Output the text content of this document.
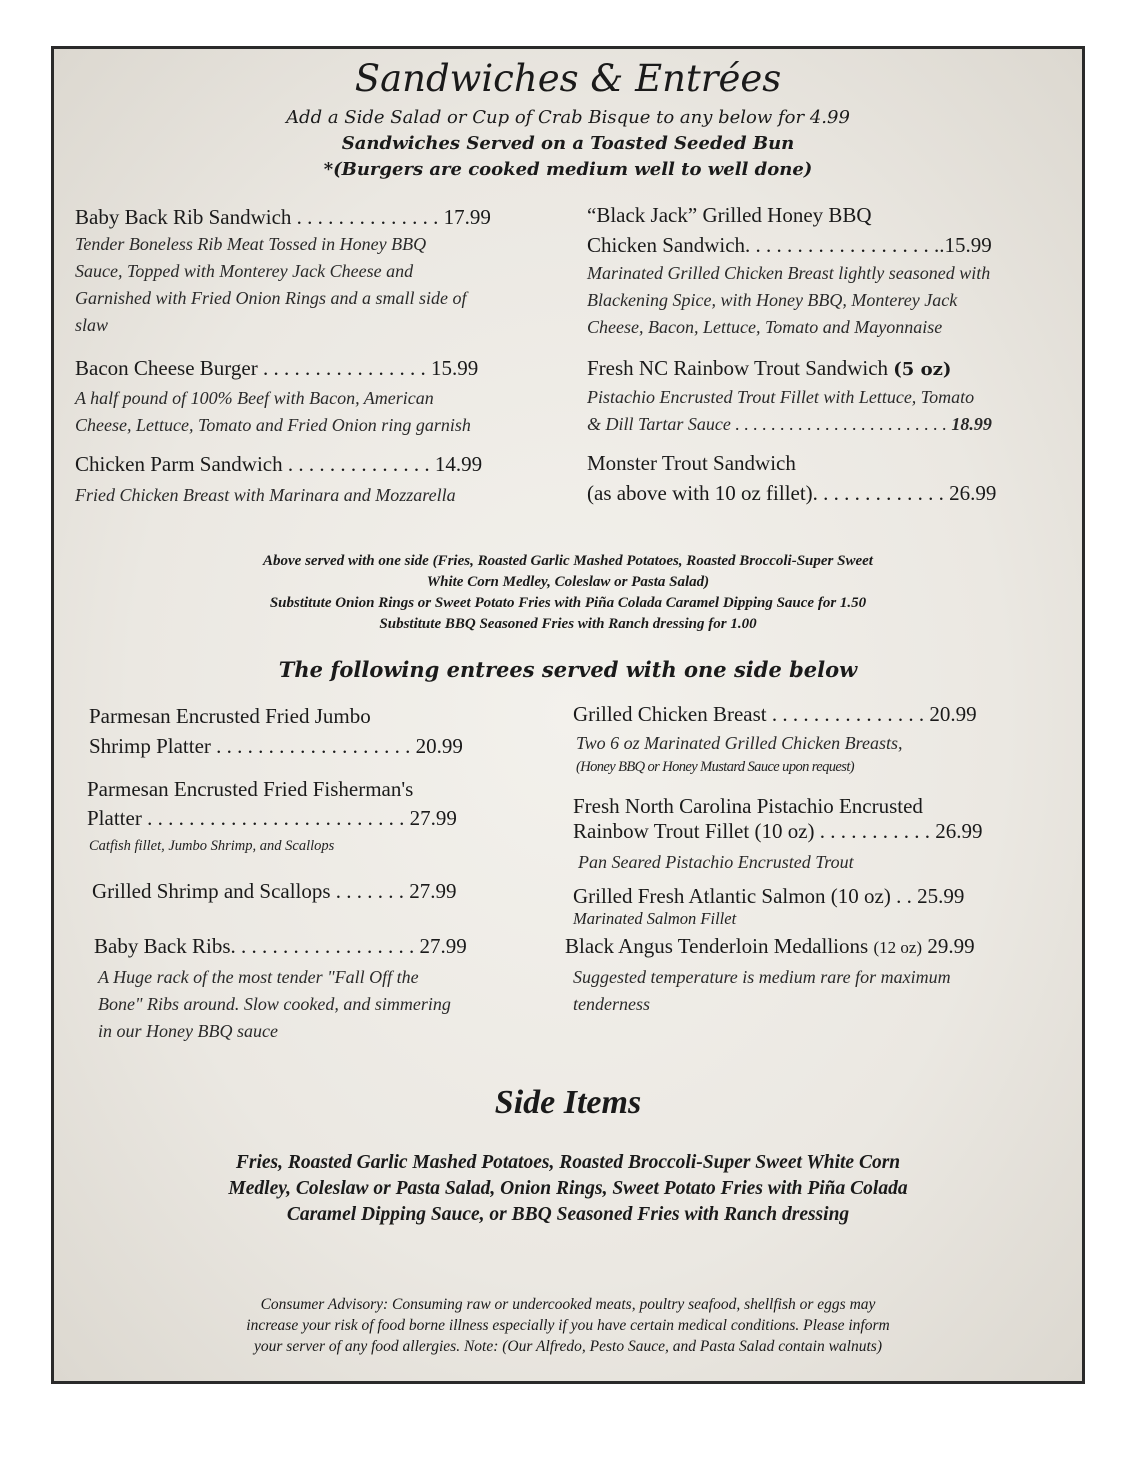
Sandwiches & Entrées
Add a Side Salad or Cup of Crab Bisque to any below for 4.99
Sandwiches Served on a Toasted Seeded Bun
*(Burgers are cooked medium well to well done)
Baby Back Rib Sandwich . . . . . . . . . . . . . . 17.99
Tender Boneless Rib Meat Tossed in Honey BBQ
Sauce, Topped with Monterey Jack Cheese and
Garnished with Fried Onion Rings and a small side of
slaw
Bacon Cheese Burger . . . . . . . . . . . . . . . . 15.99
A half pound of 100% Beef with Bacon, American
Cheese, Lettuce, Tomato and Fried Onion ring garnish
Chicken Parm Sandwich . . . . . . . . . . . . . . 14.99
Fried Chicken Breast with Marinara and Mozzarella
“Black Jack” Grilled Honey BBQ
Chicken Sandwich. . . . . . . . . . . . . . . . . . ..15.99
Marinated Grilled Chicken Breast lightly seasoned with
Blackening Spice, with Honey BBQ, Monterey Jack
Cheese, Bacon, Lettuce, Tomato and Mayonnaise
Fresh NC Rainbow Trout Sandwich (5 oz)
Pistachio Encrusted Trout Fillet with Lettuce, Tomato
& Dill Tartar Sauce . . . . . . . . . . . . . . . . . . . . . . . . 18.99
Monster Trout Sandwich
(as above with 10 oz fillet). . . . . . . . . . . . . 26.99
Above served with one side (Fries, Roasted Garlic Mashed Potatoes, Roasted Broccoli-Super Sweet
White Corn Medley, Coleslaw or Pasta Salad)
Substitute Onion Rings or Sweet Potato Fries with Piña Colada Caramel Dipping Sauce for 1.50
Substitute BBQ Seasoned Fries with Ranch dressing for 1.00
The following entrees served with one side below
Parmesan Encrusted Fried Jumbo
Shrimp Platter . . . . . . . . . . . . . . . . . . . 20.99
Parmesan Encrusted Fried Fisherman's
Platter . . . . . . . . . . . . . . . . . . . . . . . . . 27.99
Catfish fillet, Jumbo Shrimp, and Scallops
Grilled Shrimp and Scallops . . . . . . . 27.99
Baby Back Ribs. . . . . . . . . . . . . . . . . . 27.99
A Huge rack of the most tender "Fall Off the
Bone" Ribs around. Slow cooked, and simmering
in our Honey BBQ sauce
Grilled Chicken Breast . . . . . . . . . . . . . . . 20.99
Two 6 oz Marinated Grilled Chicken Breasts,
(Honey BBQ or Honey Mustard Sauce upon request)
Fresh North Carolina Pistachio Encrusted
Rainbow Trout Fillet (10 oz) . . . . . . . . . . . 26.99
Pan Seared Pistachio Encrusted Trout
Grilled Fresh Atlantic Salmon (10 oz) . . 25.99
Marinated Salmon Fillet
Black Angus Tenderloin Medallions (12 oz) 29.99
Suggested temperature is medium rare for maximum
tenderness
Side Items
Fries, Roasted Garlic Mashed Potatoes, Roasted Broccoli-Super Sweet White Corn
Medley, Coleslaw or Pasta Salad, Onion Rings, Sweet Potato Fries with Piña Colada
Caramel Dipping Sauce, or BBQ Seasoned Fries with Ranch dressing
Consumer Advisory: Consuming raw or undercooked meats, poultry seafood, shellfish or eggs may
increase your risk of food borne illness especially if you have certain medical conditions. Please inform
your server of any food allergies. Note: (Our Alfredo, Pesto Sauce, and Pasta Salad contain walnuts)
